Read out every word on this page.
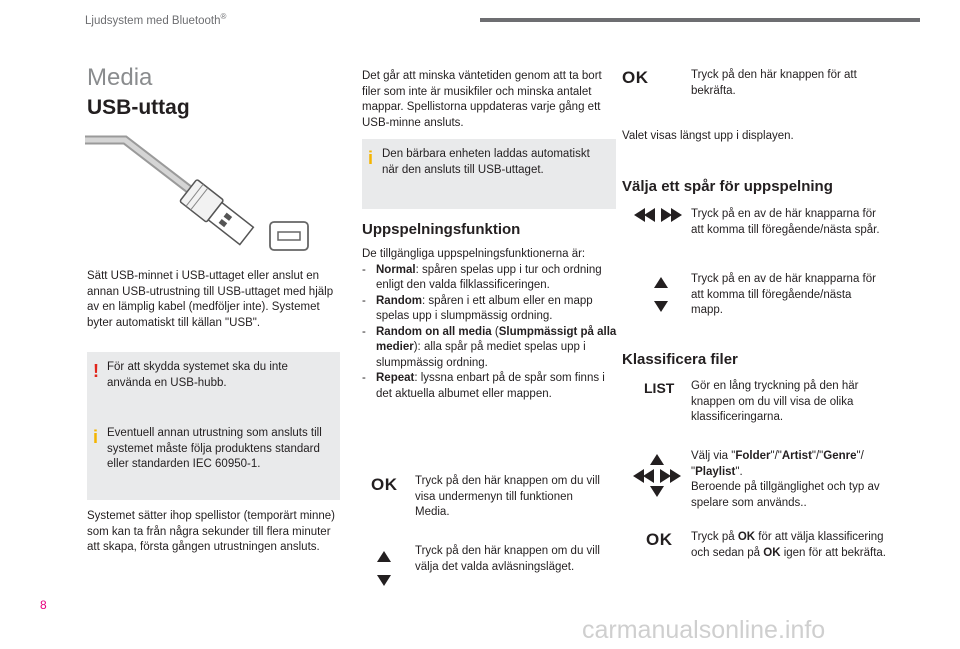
Ljudsystem med Bluetooth®
Media
USB-uttag
Sätt USB-minnet i USB-uttaget eller anslut en annan USB-utrustning till USB-uttaget med hjälp av en lämplig kabel (medföljer inte). Systemet byter automatiskt till källan "USB".
! För att skydda systemet ska du inte använda en USB-hubb.
i Eventuell annan utrustning som ansluts till systemet måste följa produktens standard eller standarden IEC 60950-1.
Systemet sätter ihop spellistor (temporärt minne) som kan ta från några sekunder till flera minuter att skapa, första gången utrustningen ansluts.
Det går att minska väntetiden genom att ta bort filer som inte är musikfiler och minska antalet mappar. Spellistorna uppdateras varje gång ett USB-minne ansluts.
i Den bärbara enheten laddas automatiskt när den ansluts till USB-uttaget.
Uppspelningsfunktion
De tillgängliga uppspelningsfunktionerna är:
- Normal: spåren spelas upp i tur och ordning enligt den valda filklassificeringen.
- Random: spåren i ett album eller en mapp spelas upp i slumpmässig ordning.
- Random on all media (Slumpmässigt på alla medier): alla spår på mediet spelas upp i slumpmässig ordning.
- Repeat: lyssna enbart på de spår som finns i det aktuella albumet eller mappen.
OK Tryck på den här knappen om du vill visa undermenyn till funktionen Media.
Tryck på den här knappen om du vill välja det valda avläsningsläget.
OK	Tryck på den här knappen för att bekräfta.
Valet visas längst upp i displayen.
Välja ett spår för uppspelning
Tryck på en av de här knapparna för att komma till föregående/nästa spår.
Tryck på en av de här knapparna för att komma till föregående/nästa mapp.
Klassificera filer
LIST Gör en lång tryckning på den här knappen om du vill visa de olika klassificeringarna.
Välj via "Folder"/"Artist"/"Genre"/ "Playlist".
Beroende på tillgänglighet och typ av spelare som används..
OK Tryck på OK för att välja klassificering och sedan på OK igen för att bekräfta.
8
carmanualsonline.info
